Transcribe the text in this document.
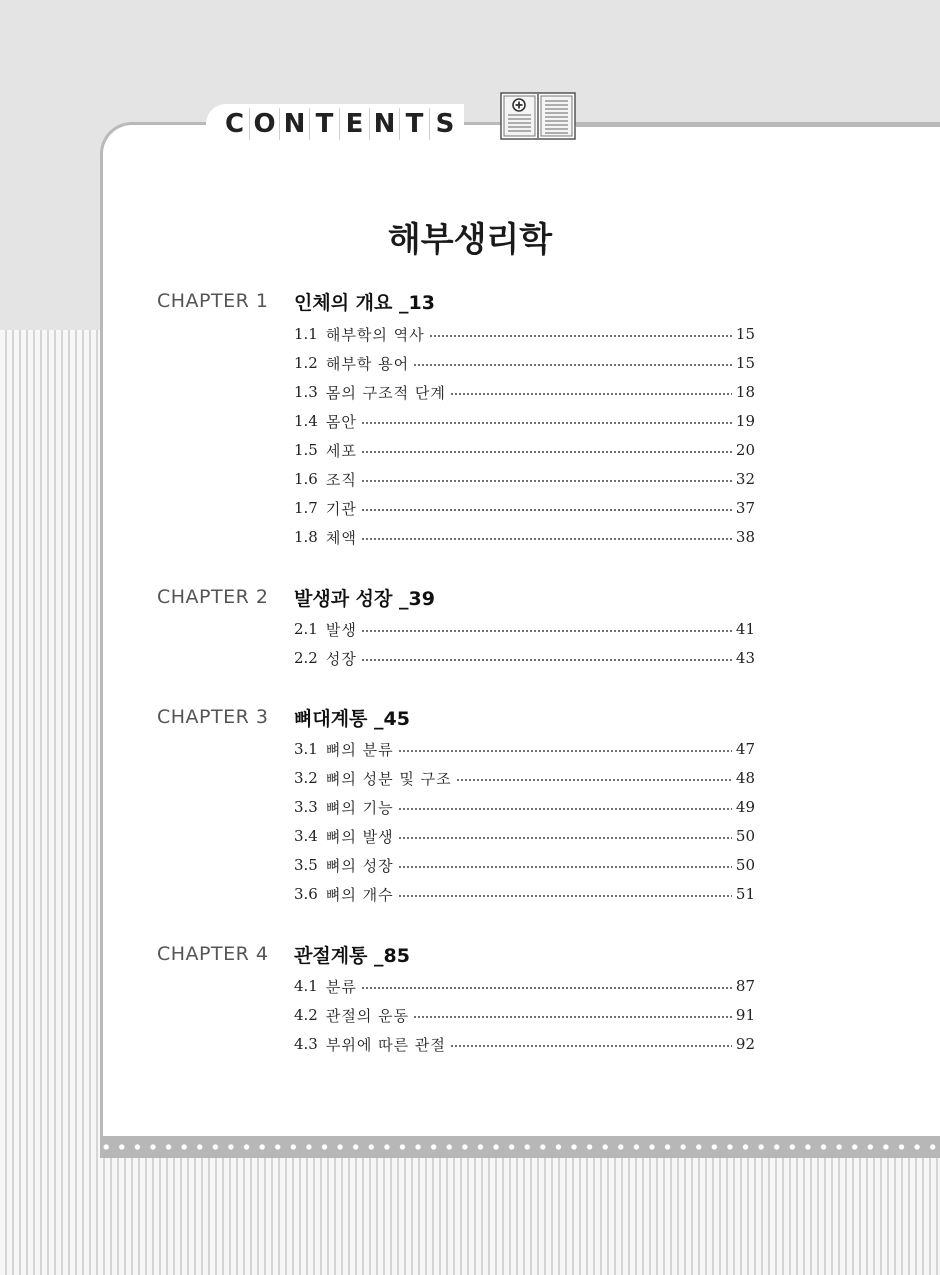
C O N T E N T S
해부생리학
CHAPTER 1	인체의 개요 _13
1.1 해부학의 역사	15
1.2 해부학 용어	15
1.3 몸의 구조적 단계	18
1.4 몸안	19
1.5 세포	20
1.6 조직	32
1.7 기관	37
1.8 체액	38
CHAPTER 2	발생과 성장 _39
2.1 발생	41
2.2 성장	43
CHAPTER 3	뼈대계통 _45
3.1 뼈의 분류	47
3.2 뼈의 성분 및 구조	48
3.3 뼈의 기능	49
3.4 뼈의 발생	50
3.5 뼈의 성장	50
3.6 뼈의 개수	51
CHAPTER 4	관절계통 _85
4.1 분류	87
4.2 관절의 운동	91
4.3 부위에 따른 관절	92
